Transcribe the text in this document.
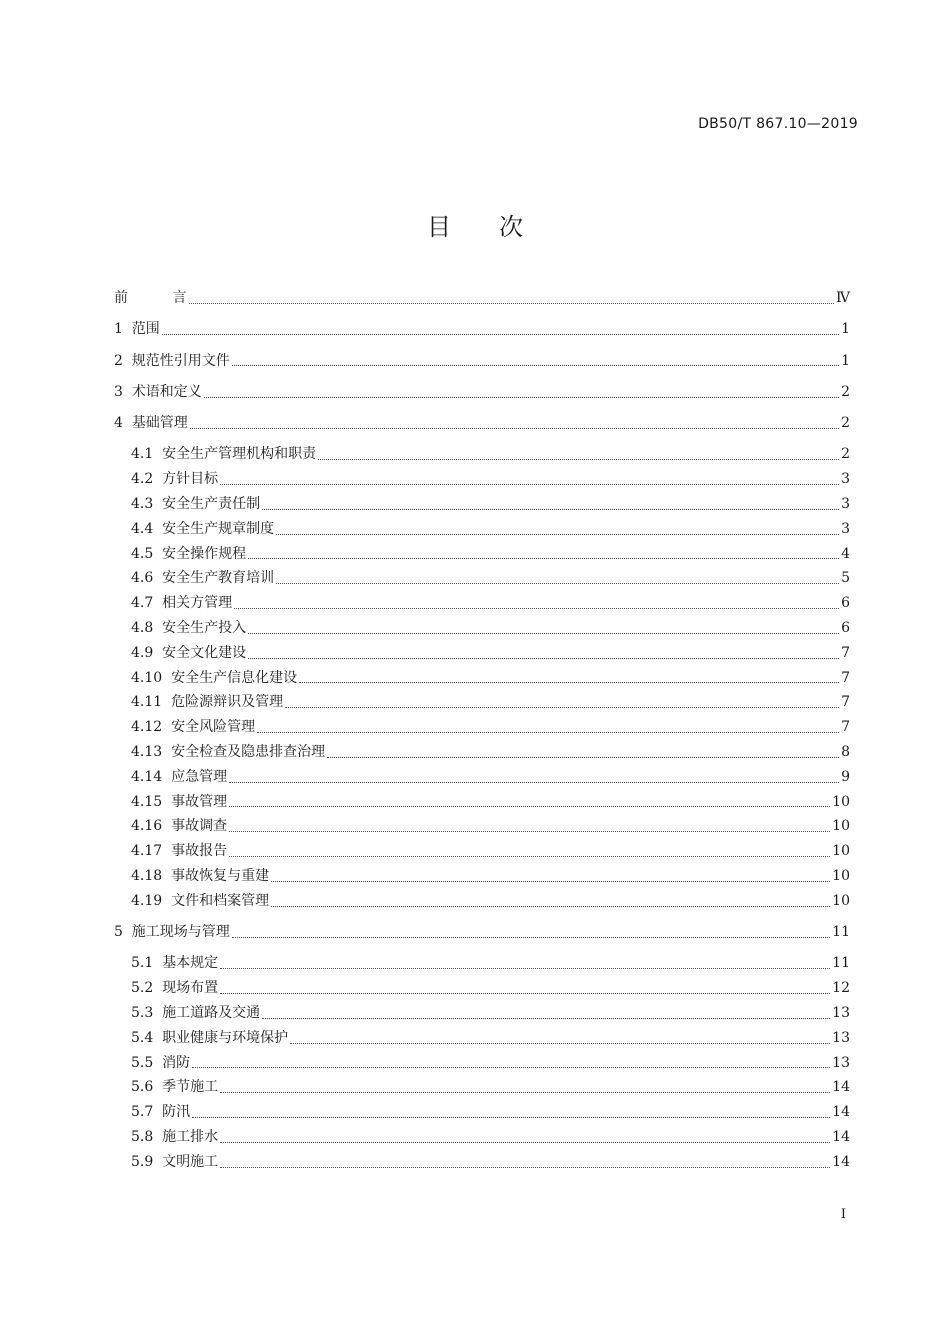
DB50/T 867.10—2019
目次
前          言	Ⅳ
1  范围	1
2  规范性引用文件	1
3  术语和定义	2
4  基础管理	2
4.1  安全生产管理机构和职责	2
4.2  方针目标	3
4.3  安全生产责任制	3
4.4  安全生产规章制度	3
4.5  安全操作规程	4
4.6  安全生产教育培训	5
4.7  相关方管理	6
4.8  安全生产投入	6
4.9  安全文化建设	7
4.10  安全生产信息化建设	7
4.11  危险源辩识及管理	7
4.12  安全风险管理	7
4.13  安全检查及隐患排查治理	8
4.14  应急管理	9
4.15  事故管理	10
4.16  事故调查	10
4.17  事故报告	10
4.18  事故恢复与重建	10
4.19  文件和档案管理	10
5  施工现场与管理	11
5.1  基本规定	11
5.2  现场布置	12
5.3  施工道路及交通	13
5.4  职业健康与环境保护	13
5.5  消防	13
5.6  季节施工	14
5.7  防汛	14
5.8  施工排水	14
5.9  文明施工	14
I
